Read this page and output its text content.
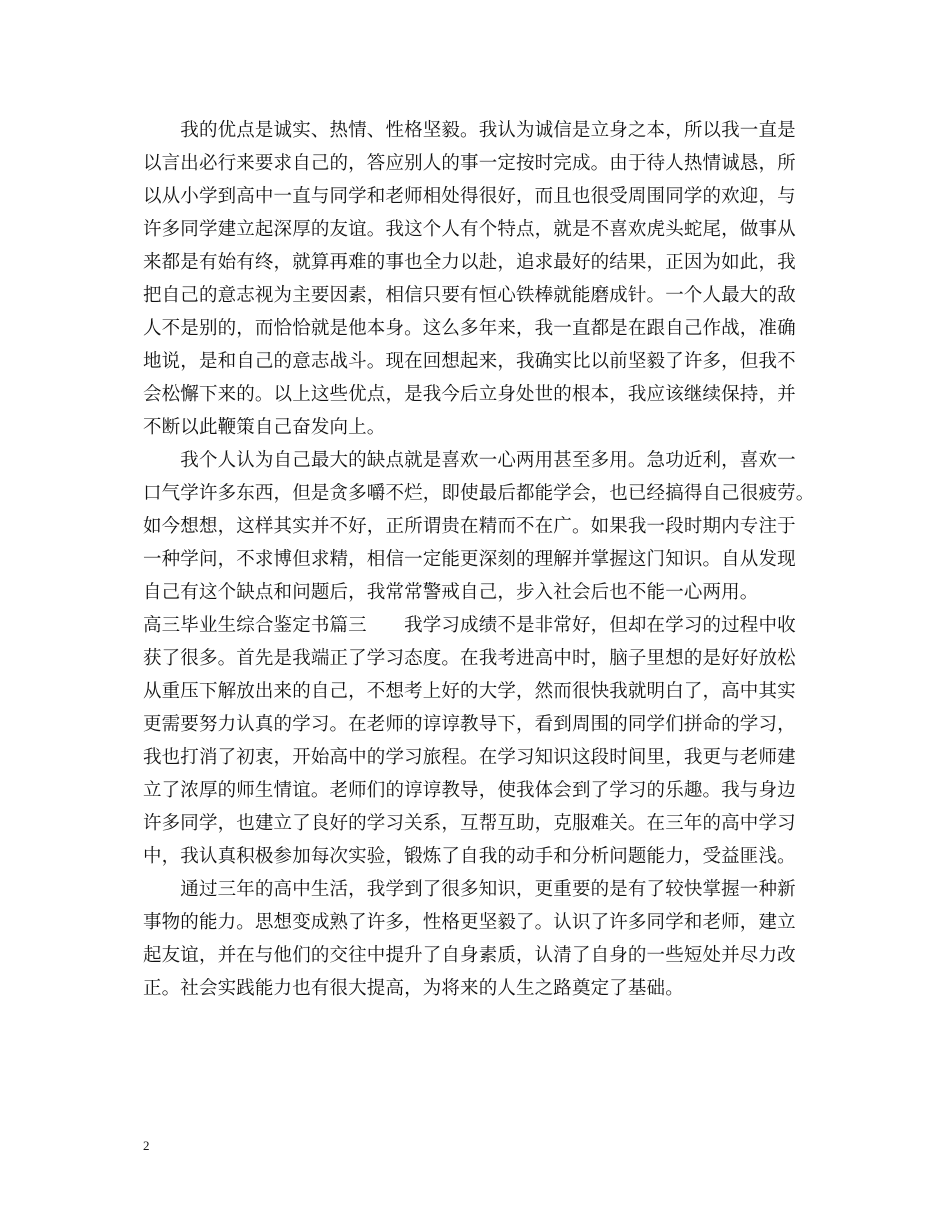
　　我的优点是诚实、热情、性格坚毅。我认为诚信是立身之本，所以我一直是
以言出必行来要求自己的，答应别人的事一定按时完成。由于待人热情诚恳，所
以从小学到高中一直与同学和老师相处得很好，而且也很受周围同学的欢迎，与
许多同学建立起深厚的友谊。我这个人有个特点，就是不喜欢虎头蛇尾，做事从
来都是有始有终，就算再难的事也全力以赴，追求最好的结果，正因为如此，我
把自己的意志视为主要因素，相信只要有恒心铁棒就能磨成针。一个人最大的敌
人不是别的，而恰恰就是他本身。这么多年来，我一直都是在跟自己作战，准确
地说，是和自己的意志战斗。现在回想起来，我确实比以前坚毅了许多，但我不
会松懈下来的。以上这些优点，是我今后立身处世的根本，我应该继续保持，并
不断以此鞭策自己奋发向上。
　　我个人认为自己最大的缺点就是喜欢一心两用甚至多用。急功近利，喜欢一
口气学许多东西，但是贪多嚼不烂，即使最后都能学会，也已经搞得自己很疲劳。
如今想想，这样其实并不好，正所谓贵在精而不在广。如果我一段时期内专注于
一种学问，不求博但求精，相信一定能更深刻的理解并掌握这门知识。自从发现
自己有这个缺点和问题后，我常常警戒自己，步入社会后也不能一心两用。
高三毕业生综合鉴定书篇三　　我学习成绩不是非常好，但却在学习的过程中收
获了很多。首先是我端正了学习态度。在我考进高中时，脑子里想的是好好放松
从重压下解放出来的自己，不想考上好的大学，然而很快我就明白了，高中其实
更需要努力认真的学习。在老师的谆谆教导下，看到周围的同学们拼命的学习，
我也打消了初衷，开始高中的学习旅程。在学习知识这段时间里，我更与老师建
立了浓厚的师生情谊。老师们的谆谆教导，使我体会到了学习的乐趣。我与身边
许多同学，也建立了良好的学习关系，互帮互助，克服难关。在三年的高中学习
中，我认真积极参加每次实验，锻炼了自我的动手和分析问题能力，受益匪浅。
　　通过三年的高中生活，我学到了很多知识，更重要的是有了较快掌握一种新
事物的能力。思想变成熟了许多，性格更坚毅了。认识了许多同学和老师，建立
起友谊，并在与他们的交往中提升了自身素质，认清了自身的一些短处并尽力改
正。社会实践能力也有很大提高，为将来的人生之路奠定了基础。
2
